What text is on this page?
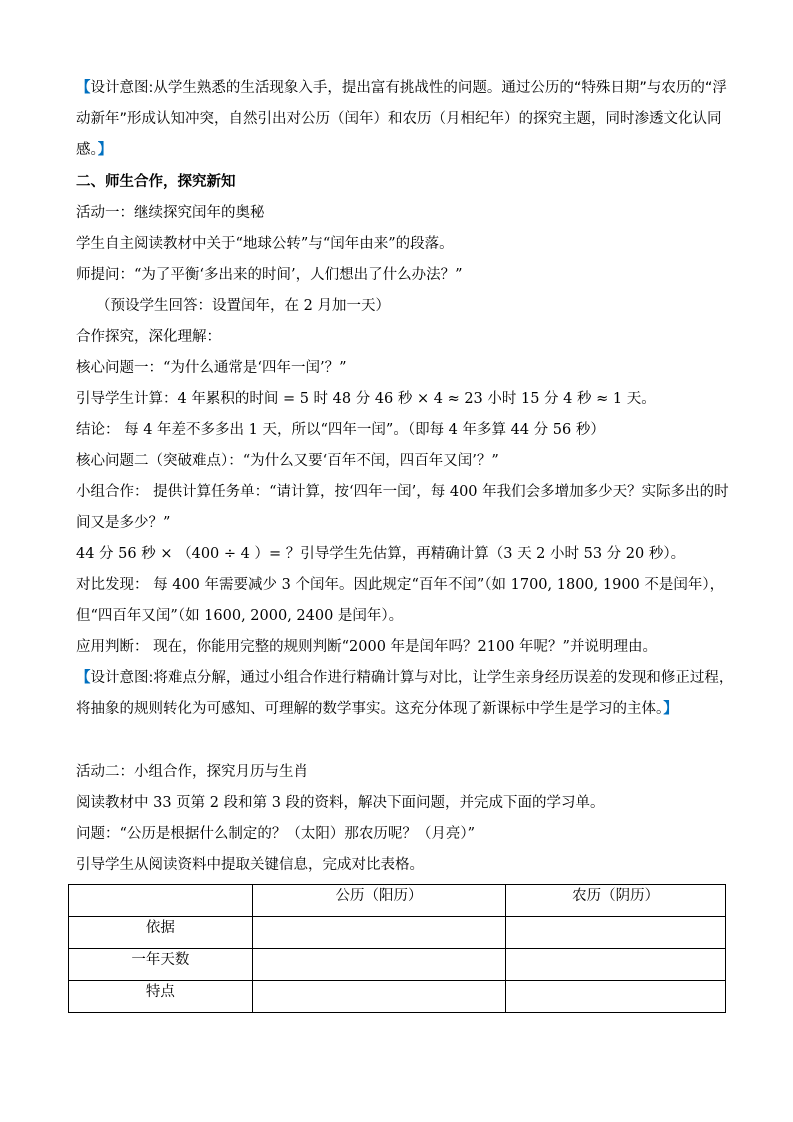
【设计意图:从学生熟悉的生活现象入手，提出富有挑战性的问题。通过公历的“特殊日期”与农历的“浮动新年”形成认知冲突，自然引出对公历（闰年）和农历（月相纪年）的探究主题，同时渗透文化认同感。】
二、师生合作，探究新知
活动一：继续探究闰年的奥秘
学生自主阅读教材中关于“地球公转”与“闰年由来”的段落。
师提问：“为了平衡‘多出来的时间’，人们想出了什么办法？”
（预设学生回答：设置闰年，在 2 月加一天）
合作探究，深化理解：
核心问题一：“为什么通常是‘四年一闰’？”
引导学生计算：4 年累积的时间 = 5 时 48 分 46 秒 × 4 ≈ 23 小时 15 分 4 秒 ≈ 1 天。
结论： 每 4 年差不多多出 1 天，所以“四年一闰”。（即每 4 年多算 44 分 56 秒）
核心问题二（突破难点）：“为什么又要‘百年不闰，四百年又闰’？”
小组合作： 提供计算任务单：“请计算，按‘四年一闰’，每 400 年我们会多增加多少天？实际多出的时间又是多少？”
44 分 56 秒 × （400 ÷ 4 ）= ？引导学生先估算，再精确计算（3 天 2 小时 53 分 20 秒）。
对比发现： 每 400 年需要减少 3 个闰年。因此规定“百年不闰”（如 1700, 1800, 1900 不是闰年），但“四百年又闰”（如 1600, 2000, 2400 是闰年）。
应用判断： 现在，你能用完整的规则判断“2000 年是闰年吗？2100 年呢？”并说明理由。
【设计意图:将难点分解，通过小组合作进行精确计算与对比，让学生亲身经历误差的发现和修正过程，将抽象的规则转化为可感知、可理解的数学事实。这充分体现了新课标中学生是学习的主体。】
活动二：小组合作，探究月历与生肖
阅读教材中 33 页第 2 段和第 3 段的资料，解决下面问题，并完成下面的学习单。
问题：“公历是根据什么制定的？（太阳）那农历呢？（月亮）”
引导学生从阅读资料中提取关键信息，完成对比表格。
	公历（阳历）	农历（阴历）
依据		
一年天数		
特点		
